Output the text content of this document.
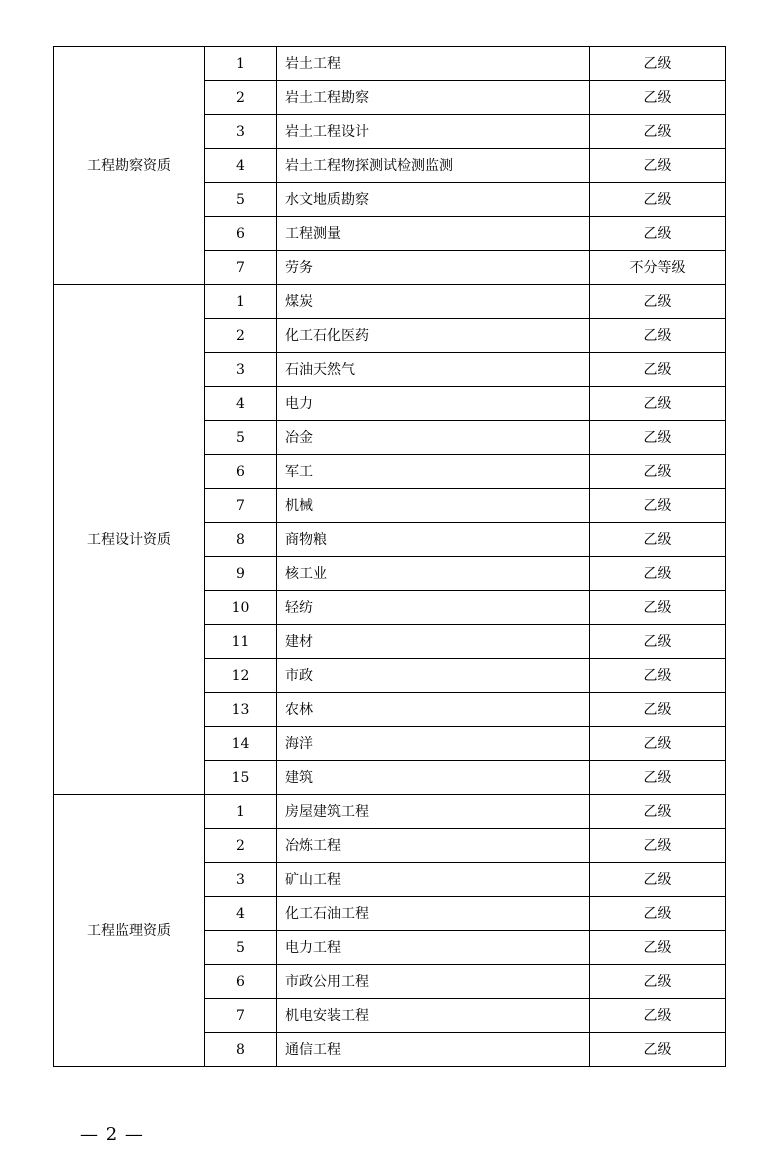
工程勘察资质	1	岩土工程	乙级
	2	岩土工程勘察	乙级
	3	岩土工程设计	乙级
	4	岩土工程物探测试检测监测	乙级
	5	水文地质勘察	乙级
	6	工程测量	乙级
	7	劳务	不分等级
工程设计资质	1	煤炭	乙级
	2	化工石化医药	乙级
	3	石油天然气	乙级
	4	电力	乙级
	5	冶金	乙级
	6	军工	乙级
	7	机械	乙级
	8	商物粮	乙级
	9	核工业	乙级
	10	轻纺	乙级
	11	建材	乙级
	12	市政	乙级
	13	农林	乙级
	14	海洋	乙级
	15	建筑	乙级
工程监理资质	1	房屋建筑工程	乙级
	2	冶炼工程	乙级
	3	矿山工程	乙级
	4	化工石油工程	乙级
	5	电力工程	乙级
	6	市政公用工程	乙级
	7	机电安装工程	乙级
	8	通信工程	乙级
— 2 —
